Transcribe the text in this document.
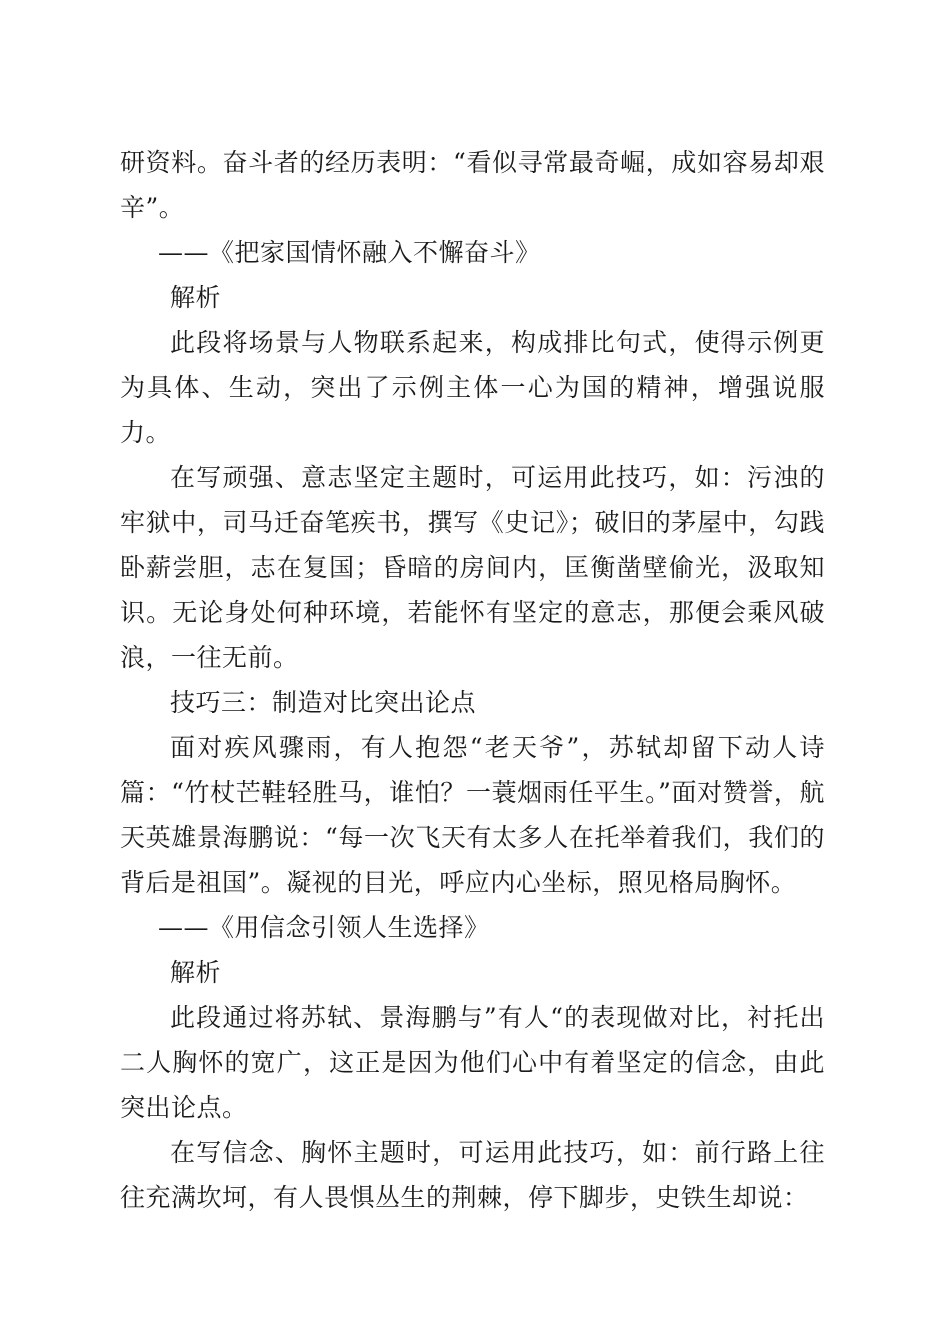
研资料。奋斗者的经历表明：“看似寻常最奇崛，成如容易却艰辛”。

——《把家国情怀融入不懈奋斗》

解析

此段将场景与人物联系起来，构成排比句式，使得示例更为具体、生动，突出了示例主体一心为国的精神，增强说服力。

在写顽强、意志坚定主题时，可运用此技巧，如：污浊的牢狱中，司马迁奋笔疾书，撰写《史记》；破旧的茅屋中，勾践卧薪尝胆，志在复国；昏暗的房间内，匡衡凿壁偷光，汲取知识。无论身处何种环境，若能怀有坚定的意志，那便会乘风破浪，一往无前。

技巧三：制造对比突出论点

面对疾风骤雨，有人抱怨“老天爷”，苏轼却留下动人诗篇：“竹杖芒鞋轻胜马，谁怕？一蓑烟雨任平生。”面对赞誉，航天英雄景海鹏说：“每一次飞天有太多人在托举着我们，我们的背后是祖国”。凝视的目光，呼应内心坐标，照见格局胸怀。

——《用信念引领人生选择》

解析

此段通过将苏轼、景海鹏与”有人“的表现做对比，衬托出二人胸怀的宽广，这正是因为他们心中有着坚定的信念，由此突出论点。

在写信念、胸怀主题时，可运用此技巧，如：前行路上往往充满坎坷，有人畏惧丛生的荆棘，停下脚步，史铁生却说：
